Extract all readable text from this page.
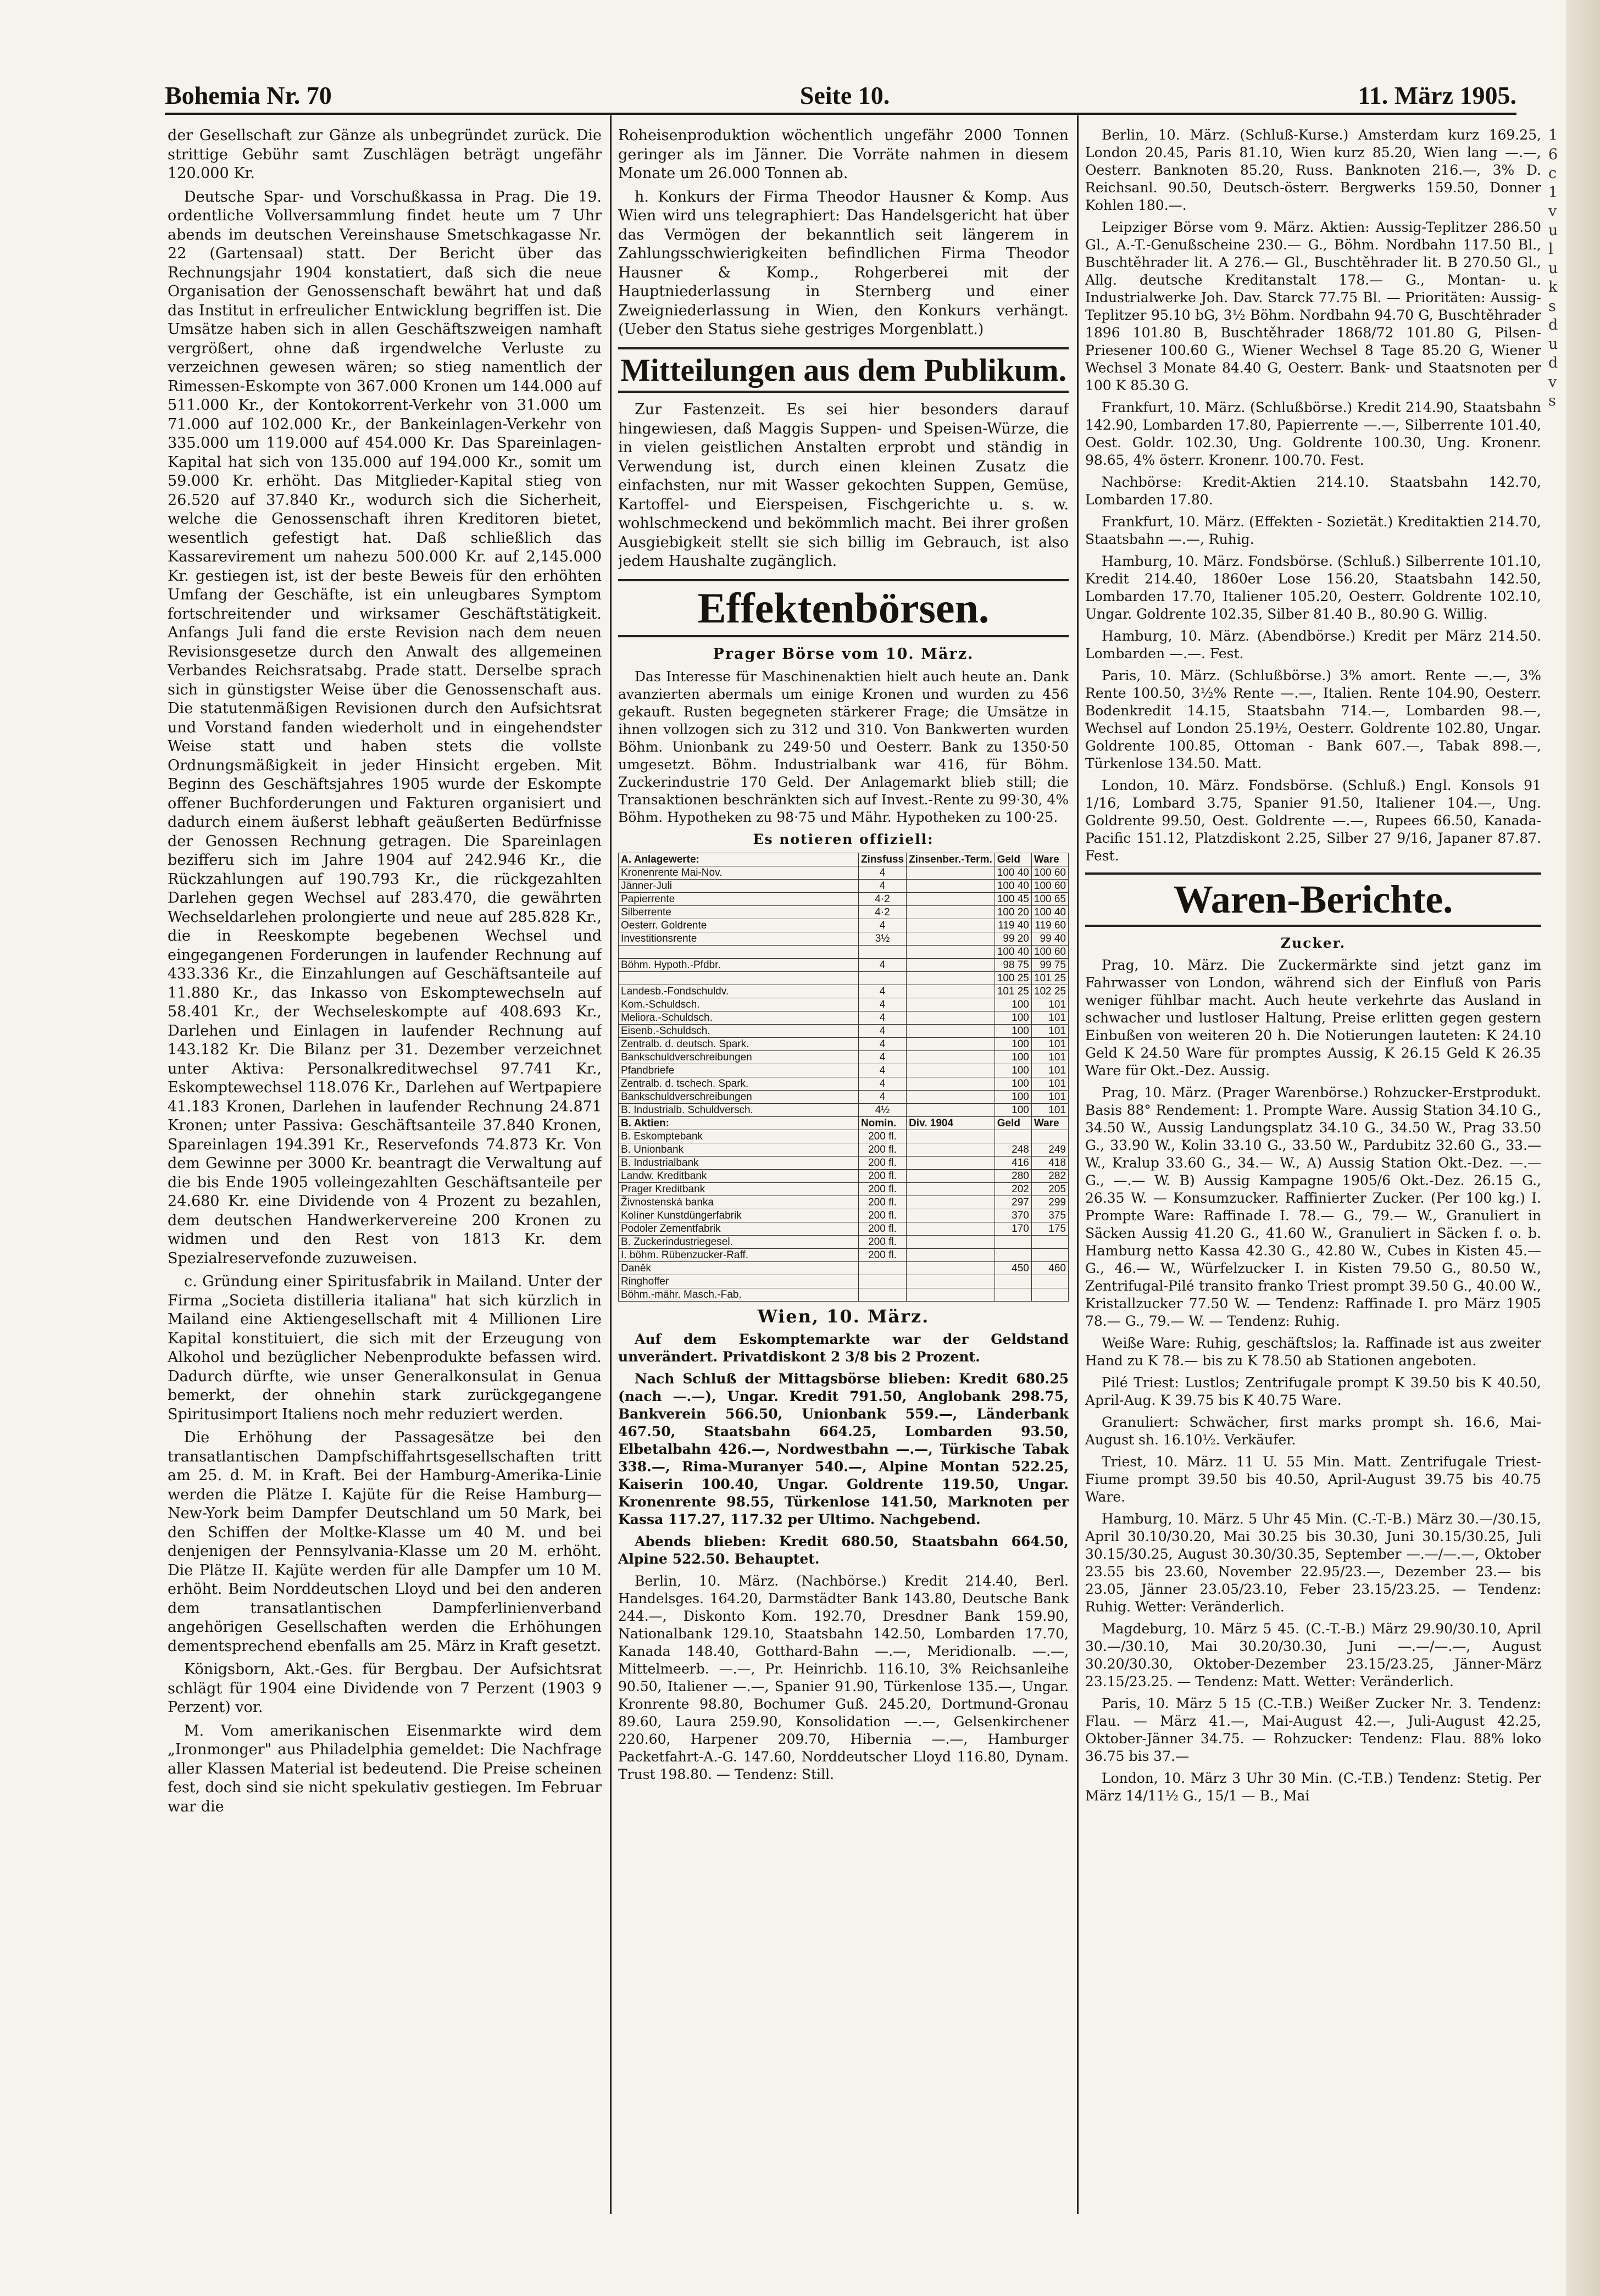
Bohemia Nr. 70	Seite 10.	11. März 1905.

der Gesellschaft zur Gänze als unbegründet zurück. Die strittige Gebühr samt Zuschlägen beträgt ungefähr 120.000 Kr.

Deutsche Spar- und Vorschußkassa in Prag. Die 19. ordentliche Vollversammlung findet heute um 7 Uhr abends im deutschen Vereinshause Smetschkagasse Nr. 22 (Gartensaal) statt. Der Bericht über das Rechnungsjahr 1904 konstatiert, daß sich die neue Organisation der Genossenschaft bewährt hat und daß das Institut in erfreulicher Entwicklung begriffen ist. Die Umsätze haben sich in allen Geschäftszweigen namhaft vergrößert, ohne daß irgendwelche Verluste zu verzeichnen gewesen wären; so stieg namentlich der Rimessen-Eskompte von 367.000 Kronen um 144.000 auf 511.000 Kr., der Kontokorrent-Verkehr von 31.000 um 71.000 auf 102.000 Kr., der Bankeinlagen-Verkehr von 335.000 um 119.000 auf 454.000 Kr. Das Spareinlagen-Kapital hat sich von 135.000 auf 194.000 Kr., somit um 59.000 Kr. erhöht. Das Mitglieder-Kapital stieg von 26.520 auf 37.840 Kr., wodurch sich die Sicherheit, welche die Genossenschaft ihren Kreditoren bietet, wesentlich gefestigt hat. Daß schließlich das Kassarevirement um nahezu 500.000 Kr. auf 2,145.000 Kr. gestiegen ist, ist der beste Beweis für den erhöhten Umfang der Geschäfte, ist ein unleugbares Symptom fortschreitender und wirksamer Geschäftstätigkeit. Anfangs Juli fand die erste Revision nach dem neuen Revisionsgesetze durch den Anwalt des allgemeinen Verbandes Reichsratsabg. Prade statt. Derselbe sprach sich in günstigster Weise über die Genossenschaft aus. Die statutenmäßigen Revisionen durch den Aufsichtsrat und Vorstand fanden wiederholt und in eingehendster Weise statt und haben stets die vollste Ordnungsmäßigkeit in jeder Hinsicht ergeben. Mit Beginn des Geschäftsjahres 1905 wurde der Eskompte offener Buchforderungen und Fakturen organisiert und dadurch einem äußerst lebhaft geäußerten Bedürfnisse der Genossen Rechnung getragen. Die Spareinlagen bezifferu sich im Jahre 1904 auf 242.946 Kr., die Rückzahlungen auf 190.793 Kr., die rückgezahlten Darlehen gegen Wechsel auf 283.470, die gewährten Wechseldarlehen prolongierte und neue auf 285.828 Kr., die in Reeskompte begebenen Wechsel und eingegangenen Forderungen in laufender Rechnung auf 433.336 Kr., die Einzahlungen auf Geschäftsanteile auf 11.880 Kr., das Inkasso von Eskomptewechseln auf 58.401 Kr., der Wechseleskompte auf 408.693 Kr., Darlehen und Einlagen in laufender Rechnung auf 143.182 Kr. Die Bilanz per 31. Dezember verzeichnet unter Aktiva: Personalkreditwechsel 97.741 Kr., Eskomptewechsel 118.076 Kr., Darlehen auf Wertpapiere 41.183 Kronen, Darlehen in laufender Rechnung 24.871 Kronen; unter Passiva: Geschäftsanteile 37.840 Kronen, Spareinlagen 194.391 Kr., Reservefonds 74.873 Kr. Von dem Gewinne per 3000 Kr. beantragt die Verwaltung auf die bis Ende 1905 volleingezahlten Geschäftsanteile per 24.680 Kr. eine Dividende von 4 Prozent zu bezahlen, dem deutschen Handwerkervereine 200 Kronen zu widmen und den Rest von 1813 Kr. dem Spezialreservefonde zuzuweisen.

c. Gründung einer Spiritusfabrik in Mailand. Unter der Firma „Societa distilleria italiana" hat sich kürzlich in Mailand eine Aktiengesellschaft mit 4 Millionen Lire Kapital konstituiert, die sich mit der Erzeugung von Alkohol und bezüglicher Nebenprodukte befassen wird. Dadurch dürfte, wie unser Generalkonsulat in Genua bemerkt, der ohnehin stark zurückgegangene Spiritusimport Italiens noch mehr reduziert werden.

Die Erhöhung der Passagesätze bei den transatlantischen Dampfschiffahrtsgesellschaften tritt am 25. d. M. in Kraft. Bei der Hamburg-Amerika-Linie werden die Plätze I. Kajüte für die Reise Hamburg—New-York beim Dampfer Deutschland um 50 Mark, bei den Schiffen der Moltke-Klasse um 40 M. und bei denjenigen der Pennsylvania-Klasse um 20 M. erhöht. Die Plätze II. Kajüte werden für alle Dampfer um 10 M. erhöht. Beim Norddeutschen Lloyd und bei den anderen dem transatlantischen Dampferlinienverband angehörigen Gesellschaften werden die Erhöhungen dementsprechend ebenfalls am 25. März in Kraft gesetzt.

Königsborn, Akt.-Ges. für Bergbau. Der Aufsichtsrat schlägt für 1904 eine Dividende von 7 Perzent (1903 9 Perzent) vor.

M. Vom amerikanischen Eisenmarkte wird dem „Ironmonger" aus Philadelphia gemeldet: Die Nachfrage aller Klassen Material ist bedeutend. Die Preise scheinen fest, doch sind sie nicht spekulativ gestiegen. Im Februar war die

Roheisenproduktion wöchentlich ungefähr 2000 Tonnen geringer als im Jänner. Die Vorräte nahmen in diesem Monate um 26.000 Tonnen ab.

h. Konkurs der Firma Theodor Hausner & Komp. Aus Wien wird uns telegraphiert: Das Handelsgericht hat über das Vermögen der bekanntlich seit längerem in Zahlungsschwierigkeiten befindlichen Firma Theodor Hausner & Komp., Rohgerberei mit der Hauptniederlassung in Sternberg und einer Zweigniederlassung in Wien, den Konkurs verhängt. (Ueber den Status siehe gestriges Morgenblatt.)

Mitteilungen aus dem Publikum.

Zur Fastenzeit. Es sei hier besonders darauf hingewiesen, daß Maggis Suppen- und Speisen-Würze, die in vielen geistlichen Anstalten erprobt und ständig in Verwendung ist, durch einen kleinen Zusatz die einfachsten, nur mit Wasser gekochten Suppen, Gemüse, Kartoffel- und Eierspeisen, Fischgerichte u. s. w. wohlschmeckend und bekömmlich macht. Bei ihrer großen Ausgiebigkeit stellt sie sich billig im Gebrauch, ist also jedem Haushalte zugänglich.

Effektenbörsen.
Prager Börse vom 10. März.

Das Interesse für Maschinenaktien hielt auch heute an. Dank avanzierten abermals um einige Kronen und wurden zu 456 gekauft. Rusten begegneten stärkerer Frage; die Umsätze in ihnen vollzogen sich zu 312 und 310. Von Bankwerten wurden Böhm. Unionbank zu 249·50 und Oesterr. Bank zu 1350·50 umgesetzt. Böhm. Industrialbank war 416, für Böhm. Zuckerindustrie 170 Geld. Der Anlagemarkt blieb still; die Transaktionen beschränkten sich auf Invest.-Rente zu 99·30, 4% Böhm. Hypotheken zu 98·75 und Mähr. Hypotheken zu 100·25.

Es notieren offiziell:
A. Anlagewerte:	Zinsfuss	Zinsenber.-Term.	Geld	Ware
Kronenrente Mai-Nov.	4		100 40	100 60
Jänner-Juli	4		100 40	100 60
Papierrente	4·2		100 45	100 65
Silberrente	4·2		100 20	100 40
Oesterr. Goldrente	4		119 40	119 60
Investitionsrente	3½		99 20	99 40
			100 40	100 60
Böhm. Hypoth.-Pfdbr.	4		98 75	99 75
			100 25	101 25
Landesb.-Fondschuldv.	4		101 25	102 25
Kom.-Schuldsch.	4		100	101
Meliora.-Schuldsch.	4		100	101
Eisenb.-Schuldsch.	4		100	101
Zentralb. d. deutsch. Spark.	4		100	101
Bankschuldverschreibungen	4		100	101
Pfandbriefe	4		100	101
Zentralb. d. tschech. Spark.	4		100	101
Bankschuldverschreibungen	4		100	101
B. Industrialb. Schuldversch.	4½		100	101
B. Aktien:	Nomin.	Div. 1904	Geld	Ware
B. Eskomptebank	200 fl.			
B. Unionbank	200 fl.		248	249
B. Industrialbank	200 fl.		416	418
Landw. Kreditbank	200 fl.		280	282
Prager Kreditbank	200 fl.		202	205
Živnostenská banka	200 fl.		297	299
Kolíner Kunstdüngerfabrik	200 fl.		370	375
Podoler Zementfabrik	200 fl.		170	175
B. Zuckerindustriegesel.	200 fl.			
I. böhm. Rübenzucker-Raff.	200 fl.			
Daněk			450	460
Ringhoffer				
Böhm.-mähr. Masch.-Fab.				
Wien, 10. März.

Auf dem Eskomptemarkte war der Geldstand unverändert. Privatdiskont 2 3/8 bis 2 Prozent.

Nach Schluß der Mittagsbörse blieben: Kredit 680.25 (nach —.—), Ungar. Kredit 791.50, Anglobank 298.75, Bankverein 566.50, Unionbank 559.—, Länderbank 467.50, Staatsbahn 664.25, Lombarden 93.50, Elbetalbahn 426.—, Nordwestbahn —.—, Türkische Tabak 338.—, Rima-Muranyer 540.—, Alpine Montan 522.25, Kaiserin 100.40, Ungar. Goldrente 119.50, Ungar. Kronenrente 98.55, Türkenlose 141.50, Marknoten per Kassa 117.27, 117.32 per Ultimo. Nachgebend.

Abends blieben: Kredit 680.50, Staatsbahn 664.50, Alpine 522.50. Behauptet.

Berlin, 10. März. (Nachbörse.) Kredit 214.40, Berl. Handelsges. 164.20, Darmstädter Bank 143.80, Deutsche Bank 244.—, Diskonto Kom. 192.70, Dresdner Bank 159.90, Nationalbank 129.10, Staatsbahn 142.50, Lombarden 17.70, Kanada 148.40, Gotthard-Bahn —.—, Meridionalb. —.—, Mittelmeerb. —.—, Pr. Heinrichb. 116.10, 3% Reichsanleihe 90.50, Italiener —.—, Spanier 91.90, Türkenlose 135.—, Ungar. Kronrente 98.80, Bochumer Guß. 245.20, Dortmund-Gronau 89.60, Laura 259.90, Konsolidation —.—, Gelsenkirchener 220.60, Harpener 209.70, Hibernia —.—, Hamburger Packetfahrt-A.-G. 147.60, Norddeutscher Lloyd 116.80, Dynam. Trust 198.80. — Tendenz: Still.

Berlin, 10. März. (Schluß-Kurse.) Amsterdam kurz 169.25, London 20.45, Paris 81.10, Wien kurz 85.20, Wien lang —.—, Oesterr. Banknoten 85.20, Russ. Banknoten 216.—, 3% D. Reichsanl. 90.50, Deutsch-österr. Bergwerks 159.50, Donner Kohlen 180.—.

Leipziger Börse vom 9. März. Aktien: Aussig-Teplitzer 286.50 Gl., A.-T.-Genußscheine 230.— G., Böhm. Nordbahn 117.50 Bl., Buschtěhrader lit. A 276.— Gl., Buschtěhrader lit. B 270.50 Gl., Allg. deutsche Kreditanstalt 178.— G., Montan- u. Industrialwerke Joh. Dav. Starck 77.75 Bl. — Prioritäten: Aussig-Teplitzer 95.10 bG, 3½ Böhm. Nordbahn 94.70 G, Buschtěhrader 1896 101.80 B, Buschtěhrader 1868/72 101.80 G, Pilsen-Priesener 100.60 G., Wiener Wechsel 8 Tage 85.20 G, Wiener Wechsel 3 Monate 84.40 G, Oesterr. Bank- und Staatsnoten per 100 K 85.30 G.

Frankfurt, 10. März. (Schlußbörse.) Kredit 214.90, Staatsbahn 142.90, Lombarden 17.80, Papierrente —.—, Silberrente 101.40, Oest. Goldr. 102.30, Ung. Goldrente 100.30, Ung. Kronenr. 98.65, 4% österr. Kronenr. 100.70. Fest.

Nachbörse: Kredit-Aktien 214.10. Staatsbahn 142.70, Lombarden 17.80.

Frankfurt, 10. März. (Effekten - Sozietät.) Kreditaktien 214.70, Staatsbahn —.—, Ruhig.

Hamburg, 10. März. Fondsbörse. (Schluß.) Silberrente 101.10, Kredit 214.40, 1860er Lose 156.20, Staatsbahn 142.50, Lombarden 17.70, Italiener 105.20, Oesterr. Goldrente 102.10, Ungar. Goldrente 102.35, Silber 81.40 B., 80.90 G. Willig.

Hamburg, 10. März. (Abendbörse.) Kredit per März 214.50. Lombarden —.—. Fest.

Paris, 10. März. (Schlußbörse.) 3% amort. Rente —.—, 3% Rente 100.50, 3½% Rente —.—, Italien. Rente 104.90, Oesterr. Bodenkredit 14.15, Staatsbahn 714.—, Lombarden 98.—, Wechsel auf London 25.19½, Oesterr. Goldrente 102.80, Ungar. Goldrente 100.85, Ottoman - Bank 607.—, Tabak 898.—, Türkenlose 134.50. Matt.

London, 10. März. Fondsbörse. (Schluß.) Engl. Konsols 91 1/16, Lombard 3.75, Spanier 91.50, Italiener 104.—, Ung. Goldrente 99.50, Oest. Goldrente —.—, Rupees 66.50, Kanada-Pacific 151.12, Platzdiskont 2.25, Silber 27 9/16, Japaner 87.87. Fest.

Waren-Berichte.
Zucker.

Prag, 10. März. Die Zuckermärkte sind jetzt ganz im Fahrwasser von London, während sich der Einfluß von Paris weniger fühlbar macht. Auch heute verkehrte das Ausland in schwacher und lustloser Haltung, Preise erlitten gegen gestern Einbußen von weiteren 20 h. Die Notierungen lauteten: K 24.10 Geld K 24.50 Ware für promptes Aussig, K 26.15 Geld K 26.35 Ware für Okt.-Dez. Aussig.

Prag, 10. März. (Prager Warenbörse.) Rohzucker-Erstprodukt. Basis 88° Rendement: 1. Prompte Ware. Aussig Station 34.10 G., 34.50 W., Aussig Landungsplatz 34.10 G., 34.50 W., Prag 33.50 G., 33.90 W., Kolin 33.10 G., 33.50 W., Pardubitz 32.60 G., 33.— W., Kralup 33.60 G., 34.— W., A) Aussig Station Okt.-Dez. —.— G., —.— W. B) Aussig Kampagne 1905/6 Okt.-Dez. 26.15 G., 26.35 W. — Konsumzucker. Raffinierter Zucker. (Per 100 kg.) I. Prompte Ware: Raffinade I. 78.— G., 79.— W., Granuliert in Säcken Aussig 41.20 G., 41.60 W., Granuliert in Säcken f. o. b. Hamburg netto Kassa 42.30 G., 42.80 W., Cubes in Kisten 45.— G., 46.— W., Würfelzucker I. in Kisten 79.50 G., 80.50 W., Zentrifugal-Pilé transito franko Triest prompt 39.50 G., 40.00 W., Kristallzucker 77.50 W. — Tendenz: Raffinade I. pro März 1905 78.— G., 79.— W. — Tendenz: Ruhig.

Weiße Ware: Ruhig, geschäftslos; la. Raffinade ist aus zweiter Hand zu K 78.— bis zu K 78.50 ab Stationen angeboten.

Pilé Triest: Lustlos; Zentrifugale prompt K 39.50 bis K 40.50, April-Aug. K 39.75 bis K 40.75 Ware.

Granuliert: Schwächer, first marks prompt sh. 16.6, Mai-August sh. 16.10½. Verkäufer.

Triest, 10. März. 11 U. 55 Min. Matt. Zentrifugale Triest-Fiume prompt 39.50 bis 40.50, April-August 39.75 bis 40.75 Ware.

Hamburg, 10. März. 5 Uhr 45 Min. (C.-T.-B.) März 30.—/30.15, April 30.10/30.20, Mai 30.25 bis 30.30, Juni 30.15/30.25, Juli 30.15/30.25, August 30.30/30.35, September —.—/—.—, Oktober 23.55 bis 23.60, November 22.95/23.—, Dezember 23.— bis 23.05, Jänner 23.05/23.10, Feber 23.15/23.25. — Tendenz: Ruhig. Wetter: Veränderlich.

Magdeburg, 10. März 5 45. (C.-T.-B.) März 29.90/30.10, April 30.—/30.10, Mai 30.20/30.30, Juni —.—/—.—, August 30.20/30.30, Oktober-Dezember 23.15/23.25, Jänner-März 23.15/23.25. — Tendenz: Matt. Wetter: Veränderlich.

Paris, 10. März 5 15 (C.-T.B.) Weißer Zucker Nr. 3. Tendenz: Flau. — März 41.—, Mai-August 42.—, Juli-August 42.25, Oktober-Jänner 34.75. — Rohzucker: Tendenz: Flau. 88% loko 36.75 bis 37.—

London, 10. März 3 Uhr 30 Min. (C.-T.B.) Tendenz: Stetig. Per März 14/11½ G., 15/1 — B., Mai

1
6
c
1
v
u
l
u
k
s
d
u
d
v
s
